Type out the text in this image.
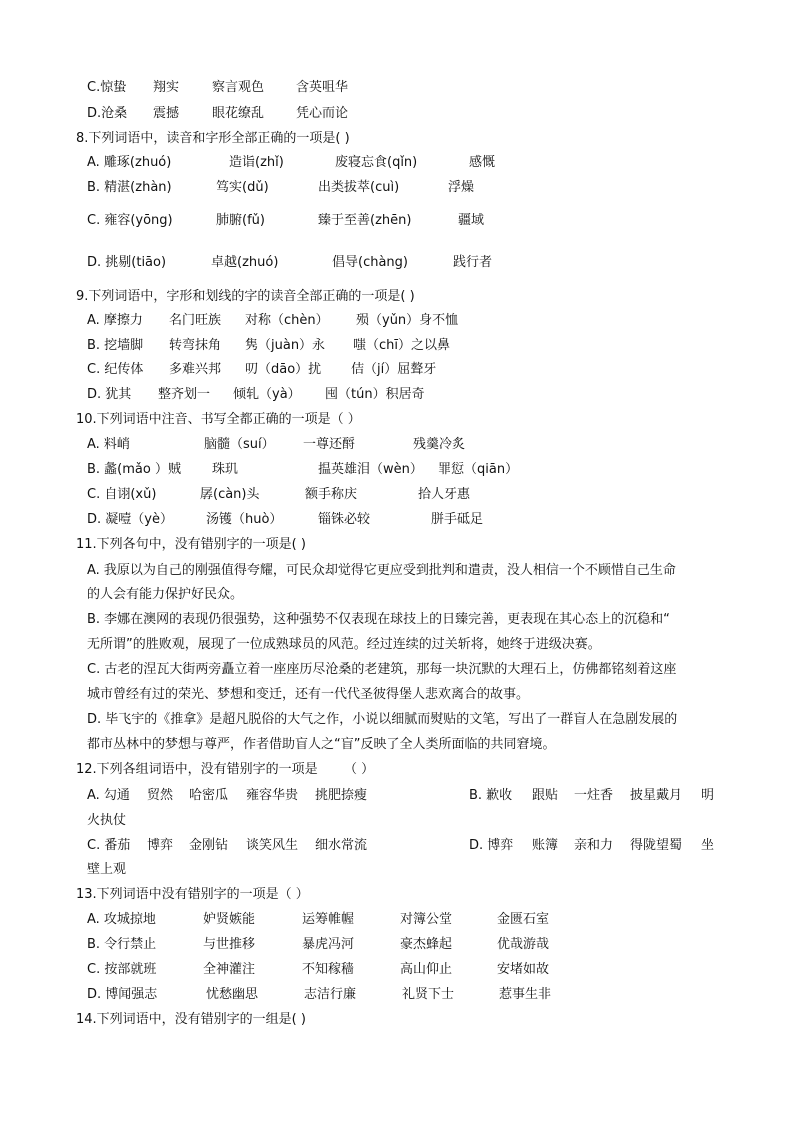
C.惊蛰 翔实	察言观色 含英咀华
D.沧桑 震撼	眼花缭乱 凭心而论
8.下列词语中，读音和字形全部正确的一项是( )
A. 雕琢(zhuó)	造诣(zhǐ)	废寝忘食(qǐn)	感慨
B. 精湛(zhàn)	笃实(dǔ)	出类拔萃(cuì)	浮燥
C. 雍容(yōng)	肺腑(fǔ)	臻于至善(zhēn)	疆域
D. 挑剔(tiāo)	卓越(zhuó)	倡导(chàng)	践行者
9.下列词语中，字形和划线的字的读音全部正确的一项是( )
A. 摩擦力 名门旺族 对称（chèn） 殒（yǔn）身不恤
B. 挖墙脚 转弯抹角 隽（juàn）永 嗤（chī）之以鼻
C. 纪传体 多难兴邦 叨（dāo）扰 佶（jí）屈聱牙
D. 犹其 整齐划一 倾轧（yà） 囤（tún）积居奇
10.下列词语中注音、书写全都正确的一项是（ ）
A. 料峭	脑髓（suí） 一尊还酹	残羹冷炙
B. 蠡(mǎo ）贼 珠玑	揾英雄泪（wèn） 罪愆（qiān）
C. 自诩(xǔ)	孱(càn)头	额手称庆	拾人牙惠
D. 凝噎（yè）	汤镬（huò）	锱铢必较	胼手砥足
11.下列各句中，没有错别字的一项是( )
A. 我原以为自己的刚强值得夸耀，可民众却觉得它更应受到批判和遣责，没人相信一个不顾惜自己生命
的人会有能力保护好民众。
B. 李娜在澳网的表现仍很强势，这种强势不仅表现在球技上的日臻完善，更表现在其心态上的沉稳和“
无所谓”的胜败观，展现了一位成熟球员的风范。经过连续的过关斩将，她终于进级决赛。
C. 古老的涅瓦大街两旁矗立着一座座历尽沧桑的老建筑，那每一块沉默的大理石上，仿佛都铭刻着这座
城市曾经有过的荣光、梦想和变迁，还有一代代圣彼得堡人悲欢离合的故事。
D. 毕飞宇的《推拿》是超凡脱俗的大气之作，小说以细腻而熨贴的文笔，写出了一群盲人在急剧发展的
都市丛林中的梦想与尊严，作者借助盲人之“盲”反映了全人类所面临的共同窘境。
12.下列各组词语中，没有错别字的一项是 （ ）
A. 勾通 贸然 哈密瓜 雍容华贵 挑肥捺瘦	B. 歉收 跟贴 一炷香 披星戴月 明
火执仗
C. 番茄 博弈 金刚钻 谈笑风生 细水常流	D. 博弈 账簿 亲和力 得陇望蜀 坐
壁上观
13.下列词语中没有错别字的一项是（ ）
A. 攻城掠地	妒贤嫉能	运筹帷幄	对簿公堂	金匮石室
B. 令行禁止	与世推移	暴虎冯河	豪杰蜂起	优哉游哉
C. 按部就班	全神灌注	不知稼穑	高山仰止	安堵如故
D. 博闻强志	忧愁幽思	志洁行廉	礼贤下士	惹事生非
14.下列词语中，没有错别字的一组是( )
